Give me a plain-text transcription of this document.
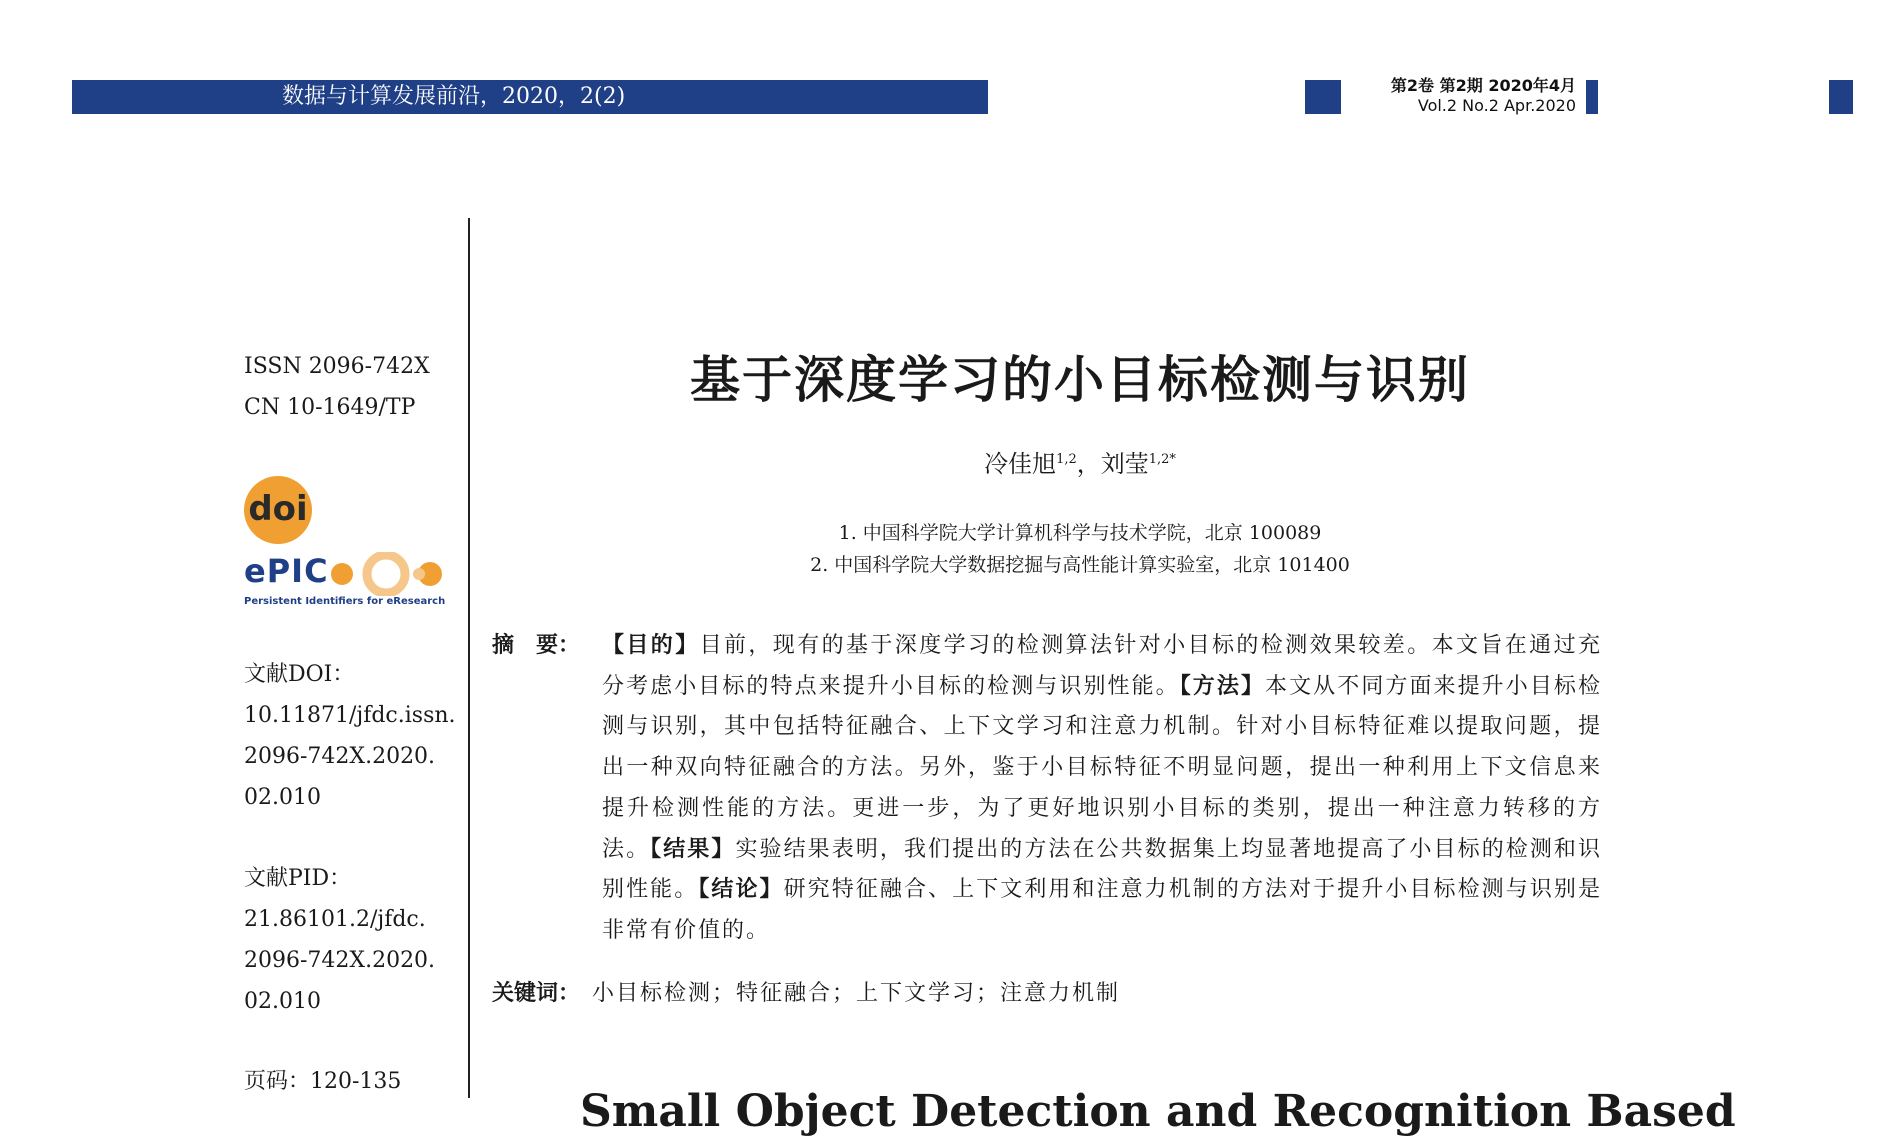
数据与计算发展前沿，2020，2(2)	第2卷 第2期 2020年4月
Vol.2 No.2 Apr.2020
ISSN 2096-742X
CN 10-1649/TP
doi
ePIC
Persistent Identifiers for eResearch
文献DOI：
10.11871/jfdc.issn.
2096-742X.2020.
02.010
文献PID：
21.86101.2/jfdc.
2096-742X.2020.
02.010
页码：120-135
基于深度学习的小目标检测与识别
冷佳旭$^{1,2}$，刘莹$^{1,2*}$
1. 中国科学院大学计算机科学与技术学院，北京 100089
2. 中国科学院大学数据挖掘与高性能计算实验室，北京 101400
摘　要： 【目的】目前，现有的基于深度学习的检测算法针对小目标的检测效果较差。本文旨在通过充分考虑小目标的特点来提升小目标的检测与识别性能。【方法】本文从不同方面来提升小目标检测与识别，其中包括特征融合、上下文学习和注意力机制。针对小目标特征难以提取问题，提出一种双向特征融合的方法。另外，鉴于小目标特征不明显问题，提出一种利用上下文信息来提升检测性能的方法。更进一步，为了更好地识别小目标的类别，提出一种注意力转移的方法。【结果】实验结果表明，我们提出的方法在公共数据集上均显著地提高了小目标的检测和识别性能。【结论】研究特征融合、上下文利用和注意力机制的方法对于提升小目标检测与识别是非常有价值的。
关键词： 小目标检测；特征融合；上下文学习；注意力机制
Small Object Detection and Recognition Based
